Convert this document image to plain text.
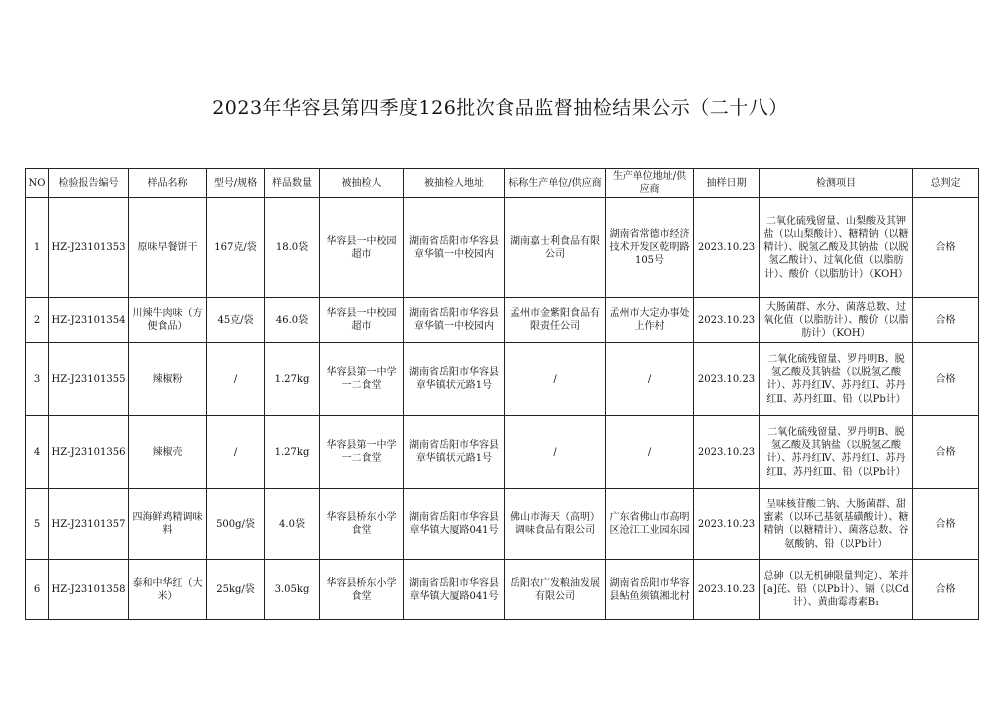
2023年华容县第四季度126批次食品监督抽检结果公示（二十八）
NO	检验报告编号	样品名称	型号/规格	样品数量	被抽检人	被抽检人地址	标称生产单位/供应商	生产单位地址/供应商	抽样日期	检测项目	总判定
1	HZ-J23101353	原味早餐饼干	167克/袋	18.0袋	华容县一中校园超市	湖南省岳阳市华容县章华镇一中校园内	湖南嘉士利食品有限公司	湖南省常德市经济技术开发区乾明路105号	2023.10.23	二氧化硫残留量、山梨酸及其钾盐（以山梨酸计）、糖精钠（以糖精计）、脱氢乙酸及其钠盐（以脱氢乙酸计）、过氧化值（以脂肪计）、酸价（以脂肪计）（KOH）	合格
2	HZ-J23101354	川辣牛肉味（方便食品）	45克/袋	46.0袋	华容县一中校园超市	湖南省岳阳市华容县章华镇一中校园内	孟州市金紫阳食品有限责任公司	孟州市大定办事处上作村	2023.10.23	大肠菌群、水分、菌落总数、过氧化值（以脂肪计）、酸价（以脂肪计）（KOH）	合格
3	HZ-J23101355	辣椒粉	/	1.27kg	华容县第一中学一二食堂	湖南省岳阳市华容县章华镇状元路1号	/	/	2023.10.23	二氧化硫残留量、罗丹明B、脱氢乙酸及其钠盐（以脱氢乙酸计）、苏丹红Ⅳ、苏丹红Ⅰ、苏丹红Ⅱ、苏丹红Ⅲ、铅（以Pb计）	合格
4	HZ-J23101356	辣椒壳	/	1.27kg	华容县第一中学一二食堂	湖南省岳阳市华容县章华镇状元路1号	/	/	2023.10.23	二氧化硫残留量、罗丹明B、脱氢乙酸及其钠盐（以脱氢乙酸计）、苏丹红Ⅳ、苏丹红Ⅰ、苏丹红Ⅱ、苏丹红Ⅲ、铅（以Pb计）	合格
5	HZ-J23101357	四海鲜鸡精调味料	500g/袋	4.0袋	华容县桥东小学食堂	湖南省岳阳市华容县章华镇大厦路041号	佛山市海天（高明）调味食品有限公司	广东省佛山市高明区沧江工业园东园	2023.10.23	呈味核苷酸二钠、大肠菌群、甜蜜素（以环己基氨基磺酸计）、糖精钠（以糖精计）、菌落总数、谷氨酸钠、铅（以Pb计）	合格
6	HZ-J23101358	泰和中华红（大米）	25kg/袋	3.05kg	华容县桥东小学食堂	湖南省岳阳市华容县章华镇大厦路041号	岳阳农广发粮油发展有限公司	湖南省岳阳市华容县鲇鱼须镇湘北村	2023.10.23	总砷（以无机砷限量判定）、苯并[a]芘、铅（以Pb计）、镉（以Cd计）、黄曲霉毒素B₁	合格
